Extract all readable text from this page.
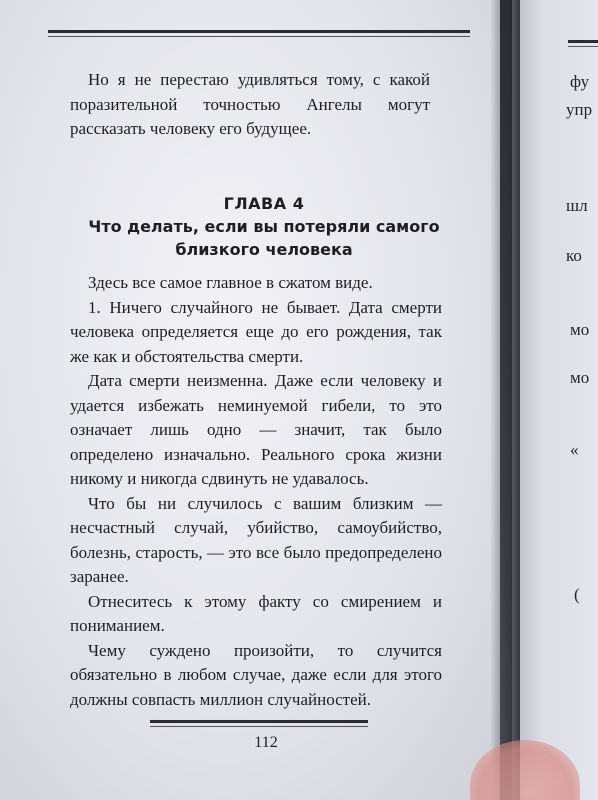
фу
упр
шл
ко
мо
мо
«
(

Но я не перестаю удивляться тому, с какой поразительной точностью Ангелы могут рассказать человеку его будущее.

ГЛАВА 4
Что делать, если вы потеряли самого близкого человека

Здесь все самое главное в сжатом виде.

1. Ничего случайного не бывает. Дата смерти человека определяется еще до его рождения, так же как и обстоятельства смерти.

Дата смерти неизменна. Даже если человеку и удается избежать неминуемой гибели, то это означает лишь одно — значит, так было определено изначально. Реального срока жизни никому и никогда сдвинуть не удавалось.

Что бы ни случилось с вашим близким — несчастный случай, убийство, самоубийство, болезнь, старость, — это все было предопределено заранее.

Отнеситесь к этому факту со смирением и пониманием.

Чему суждено произойти, то случится обязательно в любом случае, даже если для этого должны совпасть миллион случайностей.

112
